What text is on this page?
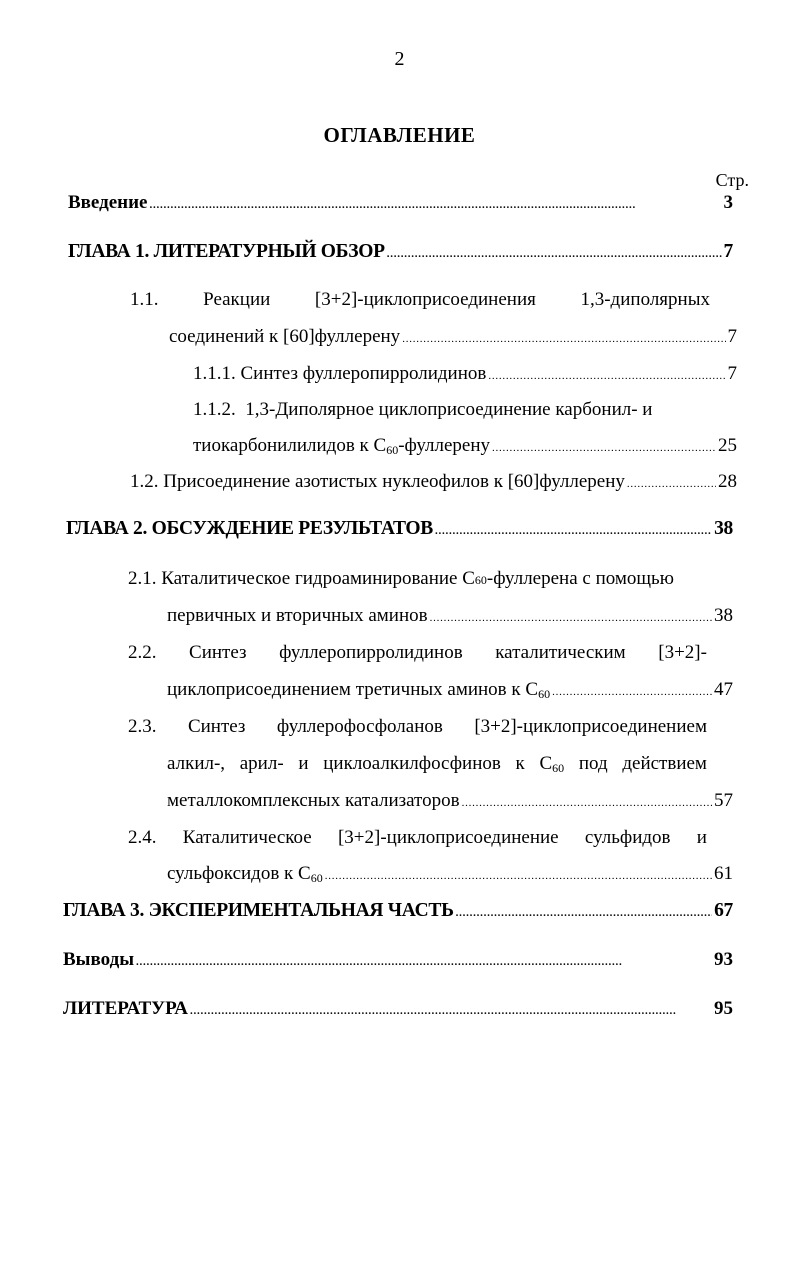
2
ОГЛАВЛЕНИЕ
Стр.
Введение . . .	3
ГЛАВА 1. ЛИТЕРАТУРНЫЙ ОБЗОР . . .	7
1.1. Реакции [3+2]-циклоприсоединения 1,3-диполярных
соединений к [60]фуллерену . . .	7
1.1.1. Синтез фуллеропирролидинов . . .	7
1.1.2.  1,3-Диполярное циклоприсоединение карбонил- и
тиокарбонилилидов к $C_{60}$-фуллерену . . .	25
1.2. Присоединение азотистых нуклеофилов к [60]фуллерену . . .	28
ГЛАВА 2. ОБСУЖДЕНИЕ РЕЗУЛЬТАТОВ . . .	38
2.1. Каталитическое гидроаминирование C 60 -фуллерена с помощью
первичных и вторичных аминов . . .	38
2.2. Синтез фуллеропирролидинов каталитическим [3+2]-
циклоприсоединением третичных аминов к $C_{60}$ . . .	47
2.3. Синтез фуллерофосфоланов [3+2]-циклоприсоединением
алкил-, арил- и циклоалкилфосфинов к $C_{60}$ под действием
металлокомплексных катализаторов . . .	57
2.4. Каталитическое [3+2]-циклоприсоединение сульфидов и
сульфоксидов к $C_{60}$ . . .	61
ГЛАВА 3. ЭКСПЕРИМЕНТАЛЬНАЯ ЧАСТЬ . . .	67
Выводы . . .	93
ЛИТЕРАТУРА . . .	95
